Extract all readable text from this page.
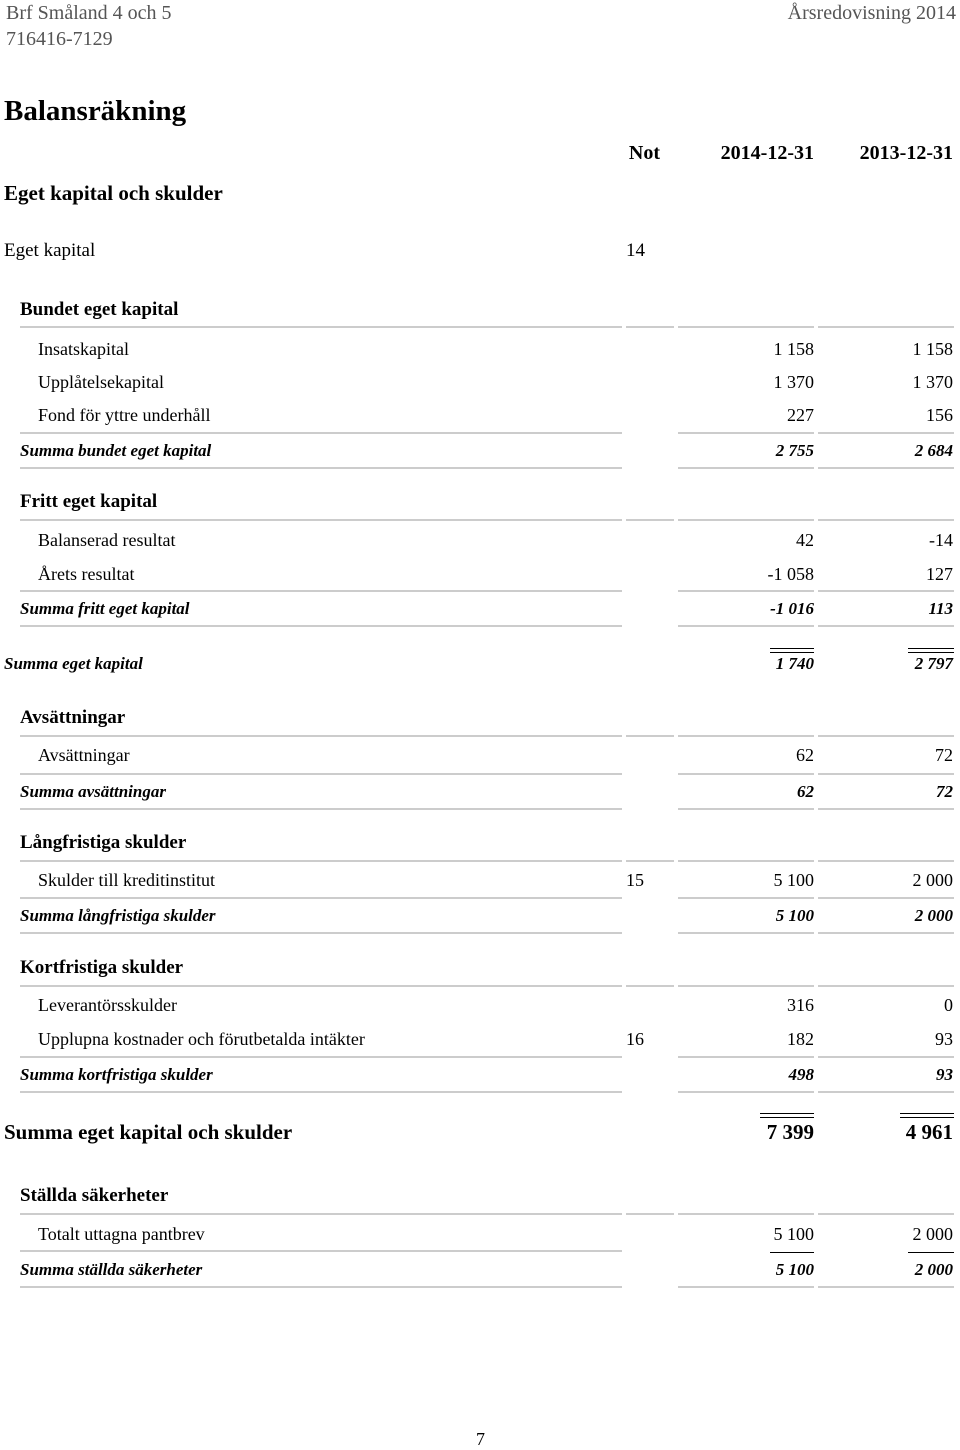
Brf Småland 4 och 5
716416-7129
Årsredovisning 2014
Balansräkning
Not	2014-12-31 2013-12-31
Eget kapital och skulder
Eget kapital	14
Bundet eget kapital
Insatskapital	1 158	1 158
Upplåtelsekapital	1 370	1 370
Fond för yttre underhåll	227	156
Summa bundet eget kapital	2 755	2 684
Fritt eget kapital
Balanserad resultat	42	-14
Årets resultat	-1 058	127
Summa fritt eget kapital	-1 016	113
Summa eget kapital	1 740	2 797
Avsättningar
Avsättningar	62	72
Summa avsättningar	62	72
Långfristiga skulder
Skulder till kreditinstitut	15	5 100	2 000
Summa långfristiga skulder	5 100	2 000
Kortfristiga skulder
Leverantörsskulder	316	0
Upplupna kostnader och förutbetalda intäkter	16	182	93
Summa kortfristiga skulder	498	93
Summa eget kapital och skulder	7 399	4 961
Ställda säkerheter
Totalt uttagna pantbrev	5 100	2 000
Summa ställda säkerheter	5 100	2 000
7
